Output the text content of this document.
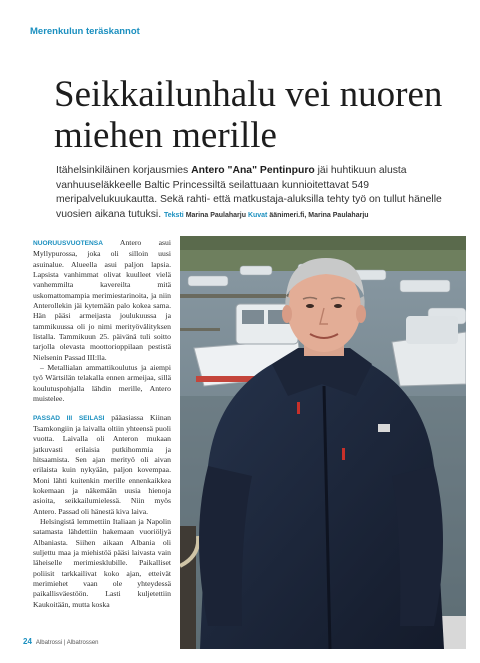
Merenkulun teräskannot
Seikkailunhalu vei nuoren miehen merille

Itähelsinkiläinen korjausmies Antero "Ana" Pentinpuro jäi huhtikuun alusta vanhuuseläkkeelle Baltic Princessiltä seilattuaan kunnioitettavat 549 meripalvelukuukautta. Sekä rahti- että matkustaja-aluksilla tehty työ on tullut hänelle vuosien aikana tutuksi. Teksti Marina Paulaharju Kuvat äänimeri.fi, Marina Paulaharju

NUORUUSVUOTENSA Antero asui Myllypurossa, joka oli silloin uusi asuinalue. Alueella asui paljon lapsia. Lapsista vanhimmat olivat kuulleet vielä vanhemmilta kavereilta mitä uskomattomampia merimiestarinoita, ja niin Anterollekin jäi kytemään palo kokea sama. Hän pääsi armeijasta joulukuussa ja tammikuussa oli jo nimi merityövälityksen listalla. Tammikuun 25. päivänä tuli soitto tarjolla olevasta moottorioppilaan pestistä Nielsenin Passad III:lla.

– Metallialan ammattikoulutus ja aiempi työ Wärtsilän telakalla ennen armeijaa, sillä koulutuspohjalla lähdin merille, Antero muistelee.

PASSAD III SEILASI pääasiassa Kiinan Tsamkongiin ja laivalla oltiin yhteensä puoli vuotta. Laivalla oli Anteron mukaan jatkuvasti erilaisia putkihommia ja hitsaamista. Sen ajan merityö oli aivan erilaista kuin nykyään, paljon kovempaa. Moni lähti kuitenkin merille ennenkaikkea kokemaan ja näkemään uusia hienoja asioita, seikkailumielessä. Niin myös Antero. Passad oli hänestä kiva laiva.

Helsingistä lemmettiin Italiaan ja Napolin satamasta lähdettiin hakemaan vuoriöljyä Albaniasta. Siihen aikaan Albania oli suljettu maa ja miehistöä pääsi laivasta vain läheiselle merimiesklubille. Paikalliset poliisit tarkkailivat koko ajan, etteivät merimiehet vaan ole yhteydessä paikallisväestöön. Lasti kuljetettiin Kaukoitään, mutta koska

24 Albatrossi | Albatrossen
